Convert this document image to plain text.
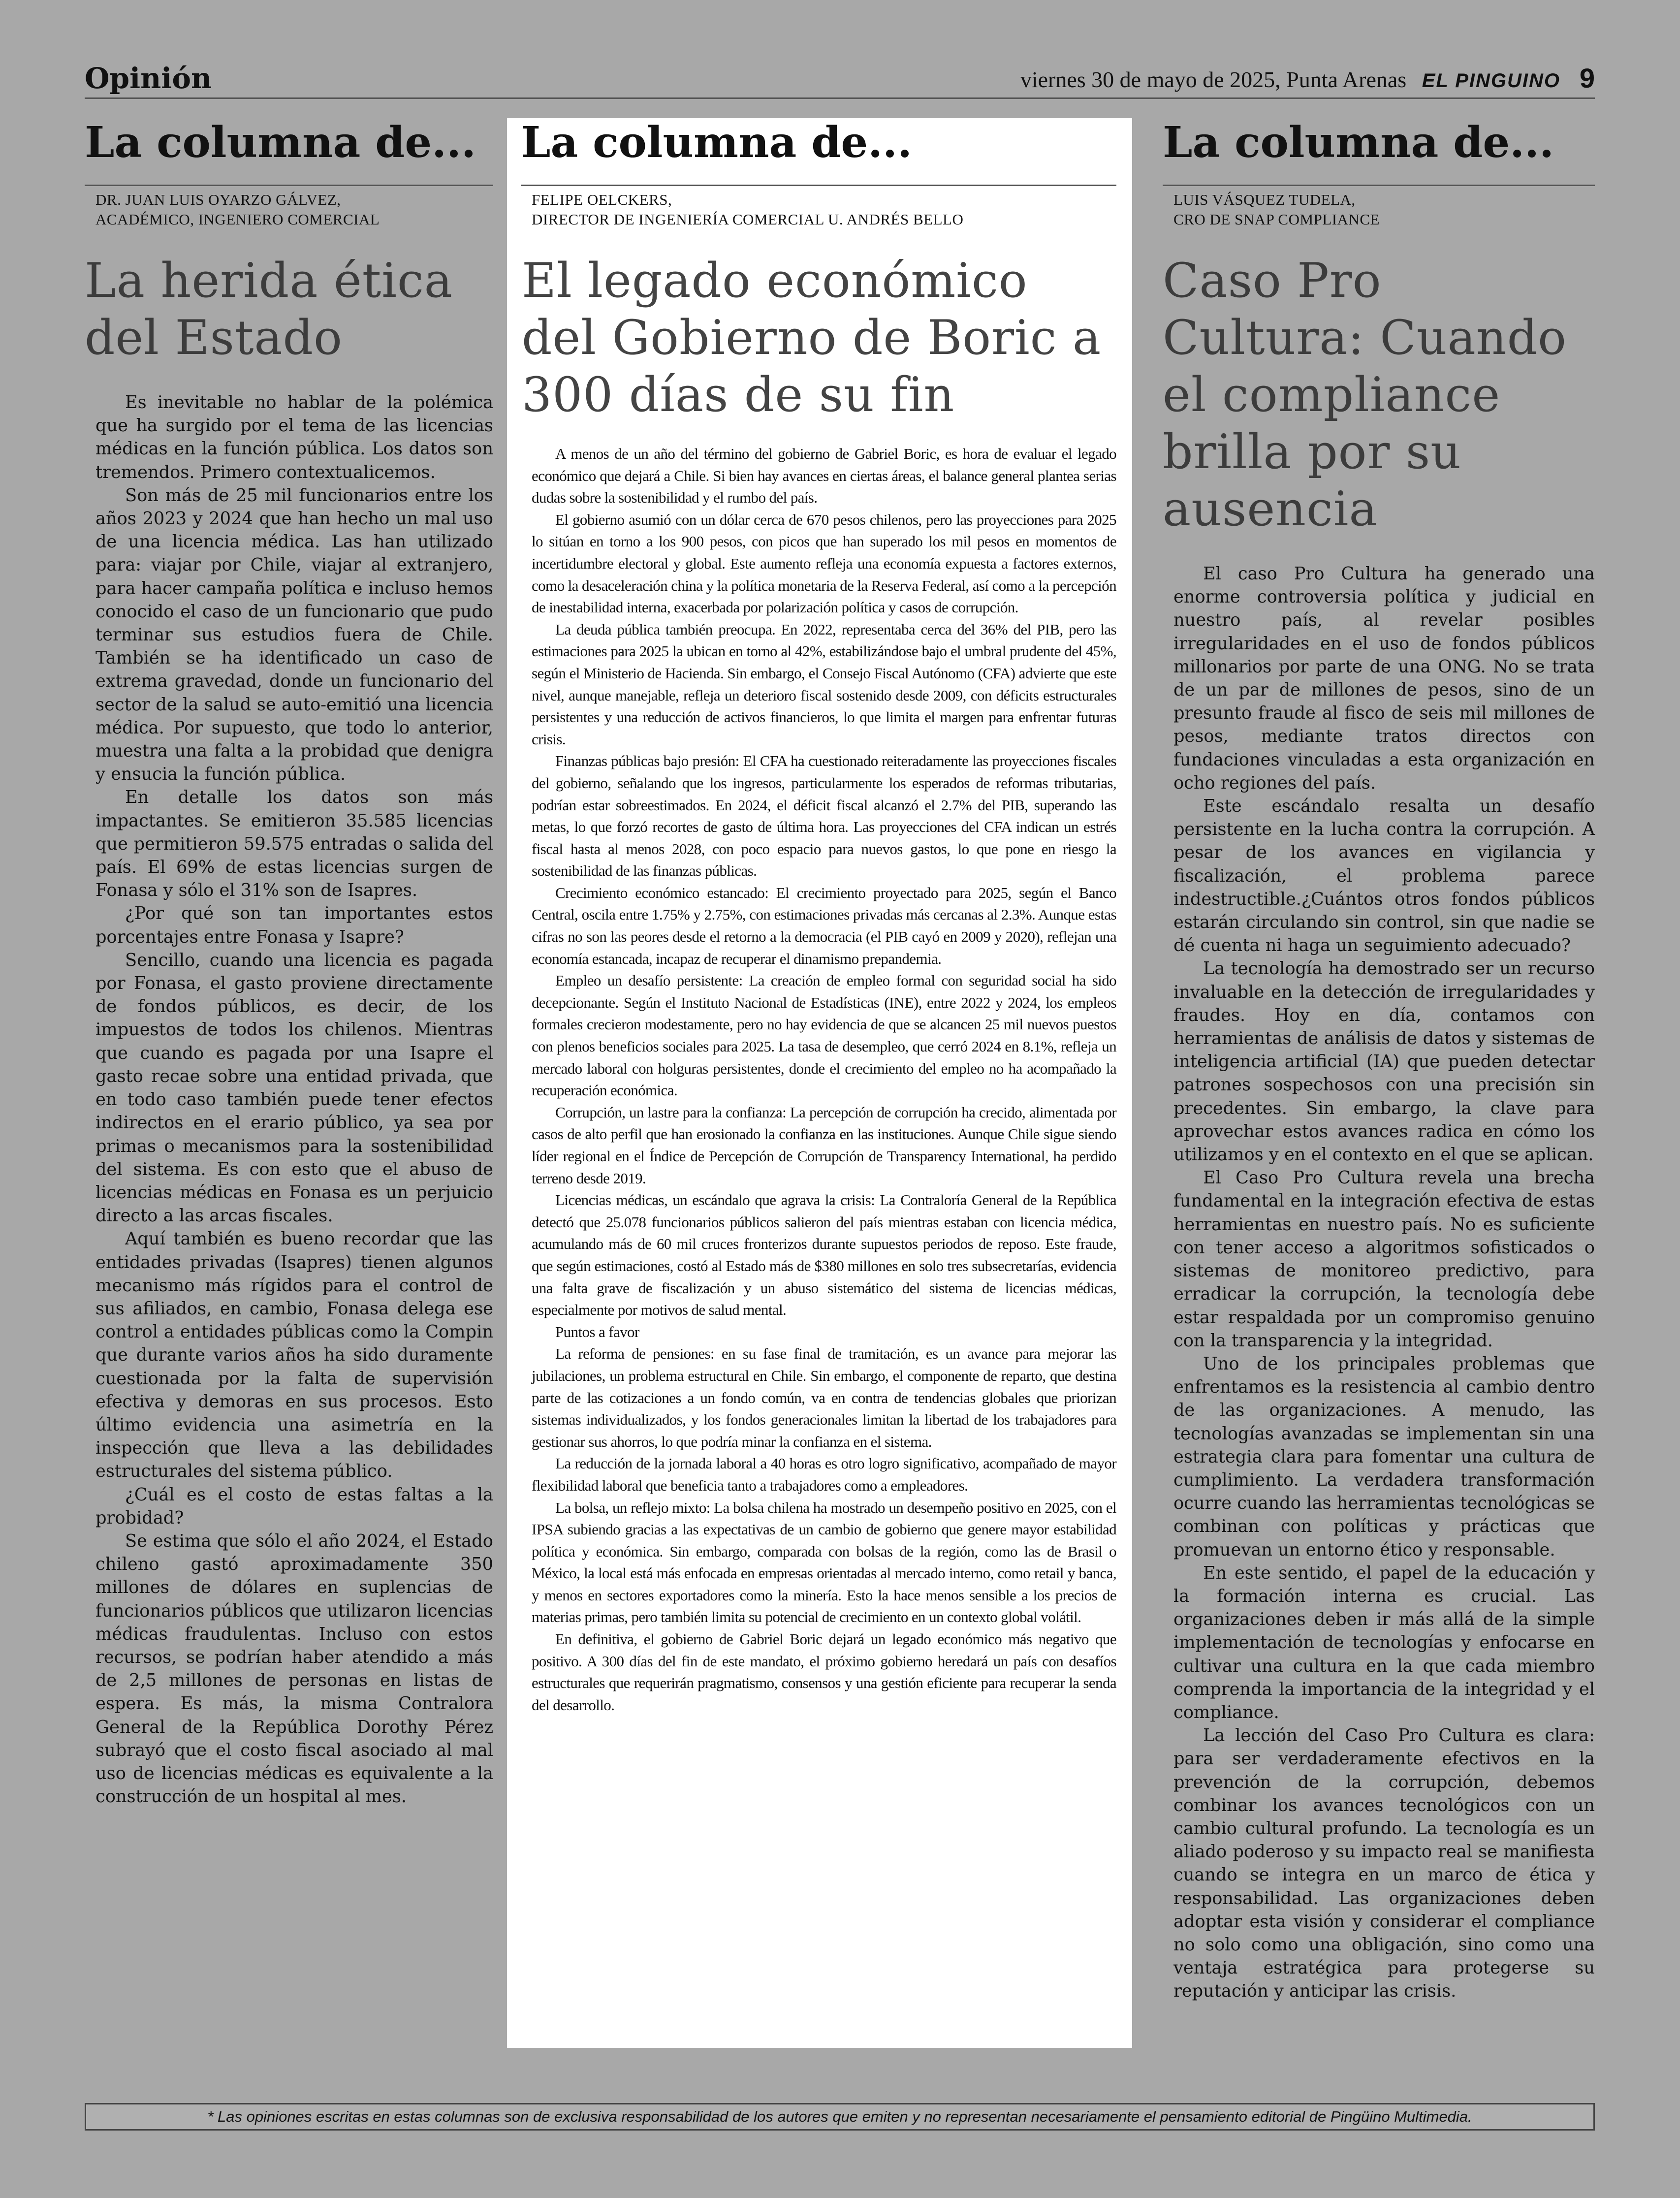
Opinión	viernes 30 de mayo de 2025, Punta Arenas EL PINGUINO 9
La columna de...
DR. JUAN LUIS OYARZO GÁLVEZ,
ACADÉMICO, INGENIERO COMERCIAL
La herida ética del Estado

Es inevitable no hablar de la polémica que ha surgido por el tema de las licencias médicas en la función pública. Los datos son tremendos. Primero contextualicemos.

Son más de 25 mil funcionarios entre los años 2023 y 2024 que han hecho un mal uso de una licencia médica. Las han utilizado para: viajar por Chile, viajar al extranjero, para hacer campaña política e incluso hemos conocido el caso de un funcionario que pudo terminar sus estudios fuera de Chile. También se ha identificado un caso de extrema gravedad, donde un funcionario del sector de la salud se auto-emitió una licencia médica. Por supuesto, que todo lo anterior, muestra una falta a la probidad que denigra y ensucia la función pública.

En detalle los datos son más impactantes. Se emitieron 35.585 licencias que permitieron 59.575 entradas o salida del país. El 69% de estas licencias surgen de Fonasa y sólo el 31% son de Isapres.

¿Por qué son tan importantes estos porcentajes entre Fonasa y Isapre?

Sencillo, cuando una licencia es pagada por Fonasa, el gasto proviene directamente de fondos públicos, es decir, de los impuestos de todos los chilenos. Mientras que cuando es pagada por una Isapre el gasto recae sobre una entidad privada, que en todo caso también puede tener efectos indirectos en el erario público, ya sea por primas o mecanismos para la sostenibilidad del sistema. Es con esto que el abuso de licencias médicas en Fonasa es un perjuicio directo a las arcas fiscales.

Aquí también es bueno recordar que las entidades privadas (Isapres) tienen algunos mecanismo más rígidos para el control de sus afiliados, en cambio, Fonasa delega ese control a entidades públicas como la Compin que durante varios años ha sido duramente cuestionada por la falta de supervisión efectiva y demoras en sus procesos. Esto último evidencia una asimetría en la inspección que lleva a las debilidades estructurales del sistema público.

¿Cuál es el costo de estas faltas a la probidad?

Se estima que sólo el año 2024, el Estado chileno gastó aproximadamente 350 millones de dólares en suplencias de funcionarios públicos que utilizaron licencias médicas fraudulentas. Incluso con estos recursos, se podrían haber atendido a más de 2,5 millones de personas en listas de espera. Es más, la misma Contralora General de la República Dorothy Pérez subrayó que el costo fiscal asociado al mal uso de licencias médicas es equivalente a la construcción de un hospital al mes.

La columna de...
FELIPE OELCKERS,
DIRECTOR DE INGENIERÍA COMERCIAL U. ANDRÉS BELLO
El legado económico del Gobierno de Boric a 300 días de su fin

A menos de un año del término del gobierno de Gabriel Boric, es hora de evaluar el legado económico que dejará a Chile. Si bien hay avances en ciertas áreas, el balance general plantea serias dudas sobre la sostenibilidad y el rumbo del país.

El gobierno asumió con un dólar cerca de 670 pesos chilenos, pero las proyecciones para 2025 lo sitúan en torno a los 900 pesos, con picos que han superado los mil pesos en momentos de incertidumbre electoral y global. Este aumento refleja una economía expuesta a factores externos, como la desaceleración china y la política monetaria de la Reserva Federal, así como a la percepción de inestabilidad interna, exacerbada por polarización política y casos de corrupción.

La deuda pública también preocupa. En 2022, representaba cerca del 36% del PIB, pero las estimaciones para 2025 la ubican en torno al 42%, estabilizándose bajo el umbral prudente del 45%, según el Ministerio de Hacienda. Sin embargo, el Consejo Fiscal Autónomo (CFA) advierte que este nivel, aunque manejable, refleja un deterioro fiscal sostenido desde 2009, con déficits estructurales persistentes y una reducción de activos financieros, lo que limita el margen para enfrentar futuras crisis.

Finanzas públicas bajo presión: El CFA ha cuestionado reiteradamente las proyecciones fiscales del gobierno, señalando que los ingresos, particularmente los esperados de reformas tributarias, podrían estar sobreestimados. En 2024, el déficit fiscal alcanzó el 2.7% del PIB, superando las metas, lo que forzó recortes de gasto de última hora. Las proyecciones del CFA indican un estrés fiscal hasta al menos 2028, con poco espacio para nuevos gastos, lo que pone en riesgo la sostenibilidad de las finanzas públicas.

Crecimiento económico estancado: El crecimiento proyectado para 2025, según el Banco Central, oscila entre 1.75% y 2.75%, con estimaciones privadas más cercanas al 2.3%. Aunque estas cifras no son las peores desde el retorno a la democracia (el PIB cayó en 2009 y 2020), reflejan una economía estancada, incapaz de recuperar el dinamismo prepandemia.

Empleo un desafío persistente: La creación de empleo formal con seguridad social ha sido decepcionante. Según el Instituto Nacional de Estadísticas (INE), entre 2022 y 2024, los empleos formales crecieron modestamente, pero no hay evidencia de que se alcancen 25 mil nuevos puestos con plenos beneficios sociales para 2025. La tasa de desempleo, que cerró 2024 en 8.1%, refleja un mercado laboral con holguras persistentes, donde el crecimiento del empleo no ha acompañado la recuperación económica.

Corrupción, un lastre para la confianza: La percepción de corrupción ha crecido, alimentada por casos de alto perfil que han erosionado la confianza en las instituciones. Aunque Chile sigue siendo líder regional en el Índice de Percepción de Corrupción de Transparency International, ha perdido terreno desde 2019.

Licencias médicas, un escándalo que agrava la crisis: La Contraloría General de la República detectó que 25.078 funcionarios públicos salieron del país mientras estaban con licencia médica, acumulando más de 60 mil cruces fronterizos durante supuestos periodos de reposo. Este fraude, que según estimaciones, costó al Estado más de $380 millones en solo tres subsecretarías, evidencia una falta grave de fiscalización y un abuso sistemático del sistema de licencias médicas, especialmente por motivos de salud mental.

Puntos a favor

La reforma de pensiones: en su fase final de tramitación, es un avance para mejorar las jubilaciones, un problema estructural en Chile. Sin embargo, el componente de reparto, que destina parte de las cotizaciones a un fondo común, va en contra de tendencias globales que priorizan sistemas individualizados, y los fondos generacionales limitan la libertad de los trabajadores para gestionar sus ahorros, lo que podría minar la confianza en el sistema.

La reducción de la jornada laboral a 40 horas es otro logro significativo, acompañado de mayor flexibilidad laboral que beneficia tanto a trabajadores como a empleadores.

La bolsa, un reflejo mixto: La bolsa chilena ha mostrado un desempeño positivo en 2025, con el IPSA subiendo gracias a las expectativas de un cambio de gobierno que genere mayor estabilidad política y económica. Sin embargo, comparada con bolsas de la región, como las de Brasil o México, la local está más enfocada en empresas orientadas al mercado interno, como retail y banca, y menos en sectores exportadores como la minería. Esto la hace menos sensible a los precios de materias primas, pero también limita su potencial de crecimiento en un contexto global volátil.

En definitiva, el gobierno de Gabriel Boric dejará un legado económico más negativo que positivo. A 300 días del fin de este mandato, el próximo gobierno heredará un país con desafíos estructurales que requerirán pragmatismo, consensos y una gestión eficiente para recuperar la senda del desarrollo.

La columna de...
LUIS VÁSQUEZ TUDELA,
CRO DE SNAP COMPLIANCE
Caso Pro Cultura: Cuando el compliance brilla por su ausencia

El caso Pro Cultura ha generado una enorme controversia política y judicial en nuestro país, al revelar posibles irregularidades en el uso de fondos públicos millonarios por parte de una ONG. No se trata de un par de millones de pesos, sino de un presunto fraude al fisco de seis mil millones de pesos, mediante tratos directos con fundaciones vinculadas a esta organización en ocho regiones del país.

Este escándalo resalta un desafío persistente en la lucha contra la corrupción. A pesar de los avances en vigilancia y fiscalización, el problema parece indestructible.¿Cuántos otros fondos públicos estarán circulando sin control, sin que nadie se dé cuenta ni haga un seguimiento adecuado?

La tecnología ha demostrado ser un recurso invaluable en la detección de irregularidades y fraudes. Hoy en día, contamos con herramientas de análisis de datos y sistemas de inteligencia artificial (IA) que pueden detectar patrones sospechosos con una precisión sin precedentes. Sin embargo, la clave para aprovechar estos avances radica en cómo los utilizamos y en el contexto en el que se aplican.

El Caso Pro Cultura revela una brecha fundamental en la integración efectiva de estas herramientas en nuestro país. No es suficiente con tener acceso a algoritmos sofisticados o sistemas de monitoreo predictivo, para erradicar la corrupción, la tecnología debe estar respaldada por un compromiso genuino con la transparencia y la integridad.

Uno de los principales problemas que enfrentamos es la resistencia al cambio dentro de las organizaciones. A menudo, las tecnologías avanzadas se implementan sin una estrategia clara para fomentar una cultura de cumplimiento. La verdadera transformación ocurre cuando las herramientas tecnológicas se combinan con políticas y prácticas que promuevan un entorno ético y responsable.

En este sentido, el papel de la educación y la formación interna es crucial. Las organizaciones deben ir más allá de la simple implementación de tecnologías y enfocarse en cultivar una cultura en la que cada miembro comprenda la importancia de la integridad y el compliance.

La lección del Caso Pro Cultura es clara: para ser verdaderamente efectivos en la prevención de la corrupción, debemos combinar los avances tecnológicos con un cambio cultural profundo. La tecnología es un aliado poderoso y su impacto real se manifiesta cuando se integra en un marco de ética y responsabilidad. Las organizaciones deben adoptar esta visión y considerar el compliance no solo como una obligación, sino como una ventaja estratégica para protegerse su reputación y anticipar las crisis.

* Las opiniones escritas en estas columnas son de exclusiva responsabilidad de los autores que emiten y no representan necesariamente el pensamiento editorial de Pingüino Multimedia.
